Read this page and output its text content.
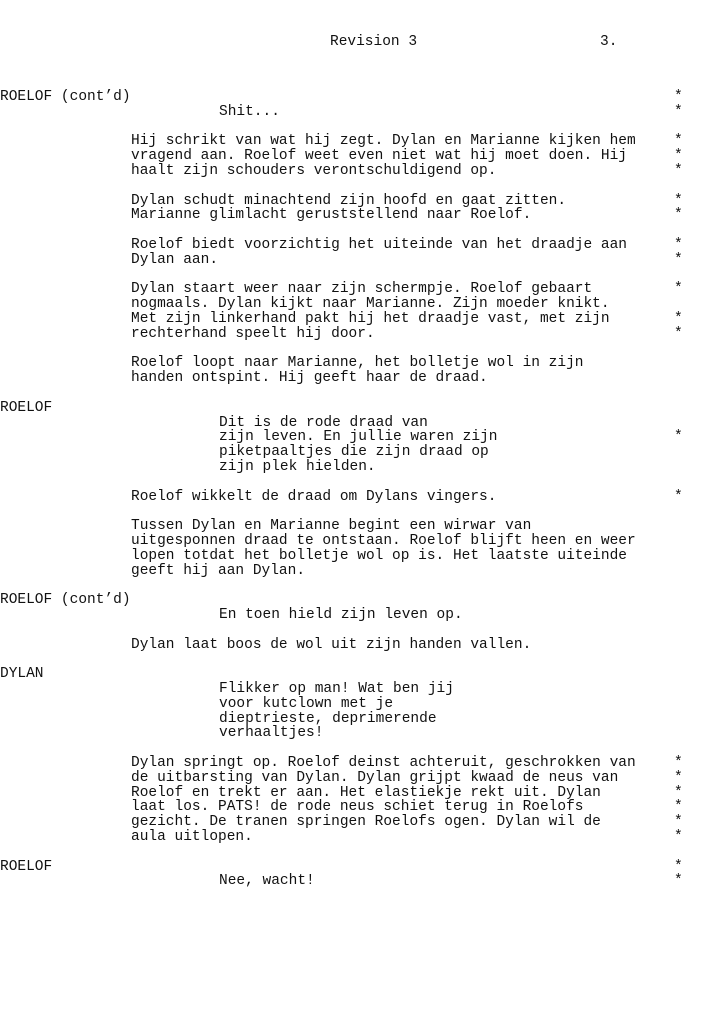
Revision 3	3.
ROELOF (cont’d)	*
Shit...	*
Hij schrikt van wat hij zegt. Dylan en Marianne kijken hem	*
vragend aan. Roelof weet even niet wat hij moet doen. Hij	*
haalt zijn schouders verontschuldigend op.	*
Dylan schudt minachtend zijn hoofd en gaat zitten.	*
Marianne glimlacht geruststellend naar Roelof.	*
Roelof biedt voorzichtig het uiteinde van het draadje aan	*
Dylan aan.	*
Dylan staart weer naar zijn schermpje. Roelof gebaart	*
nogmaals. Dylan kijkt naar Marianne. Zijn moeder knikt.
Met zijn linkerhand pakt hij het draadje vast, met zijn	*
rechterhand speelt hij door.	*
Roelof loopt naar Marianne, het bolletje wol in zijn
handen ontspint. Hij geeft haar de draad.
ROELOF
Dit is de rode draad van
zijn leven. En jullie waren zijn	*
piketpaaltjes die zijn draad op
zijn plek hielden.
Roelof wikkelt de draad om Dylans vingers.	*
Tussen Dylan en Marianne begint een wirwar van
uitgesponnen draad te ontstaan. Roelof blijft heen en weer
lopen totdat het bolletje wol op is. Het laatste uiteinde
geeft hij aan Dylan.
ROELOF (cont’d)
En toen hield zijn leven op.
Dylan laat boos de wol uit zijn handen vallen.
DYLAN
Flikker op man! Wat ben jij
voor kutclown met je
dieptrieste, deprimerende
verhaaltjes!
Dylan springt op. Roelof deinst achteruit, geschrokken van	*
de uitbarsting van Dylan. Dylan grijpt kwaad de neus van	*
Roelof en trekt er aan. Het elastiekje rekt uit. Dylan	*
laat los. PATS! de rode neus schiet terug in Roelofs	*
gezicht. De tranen springen Roelofs ogen. Dylan wil de	*
aula uitlopen.	*
ROELOF	*
Nee, wacht!	*
